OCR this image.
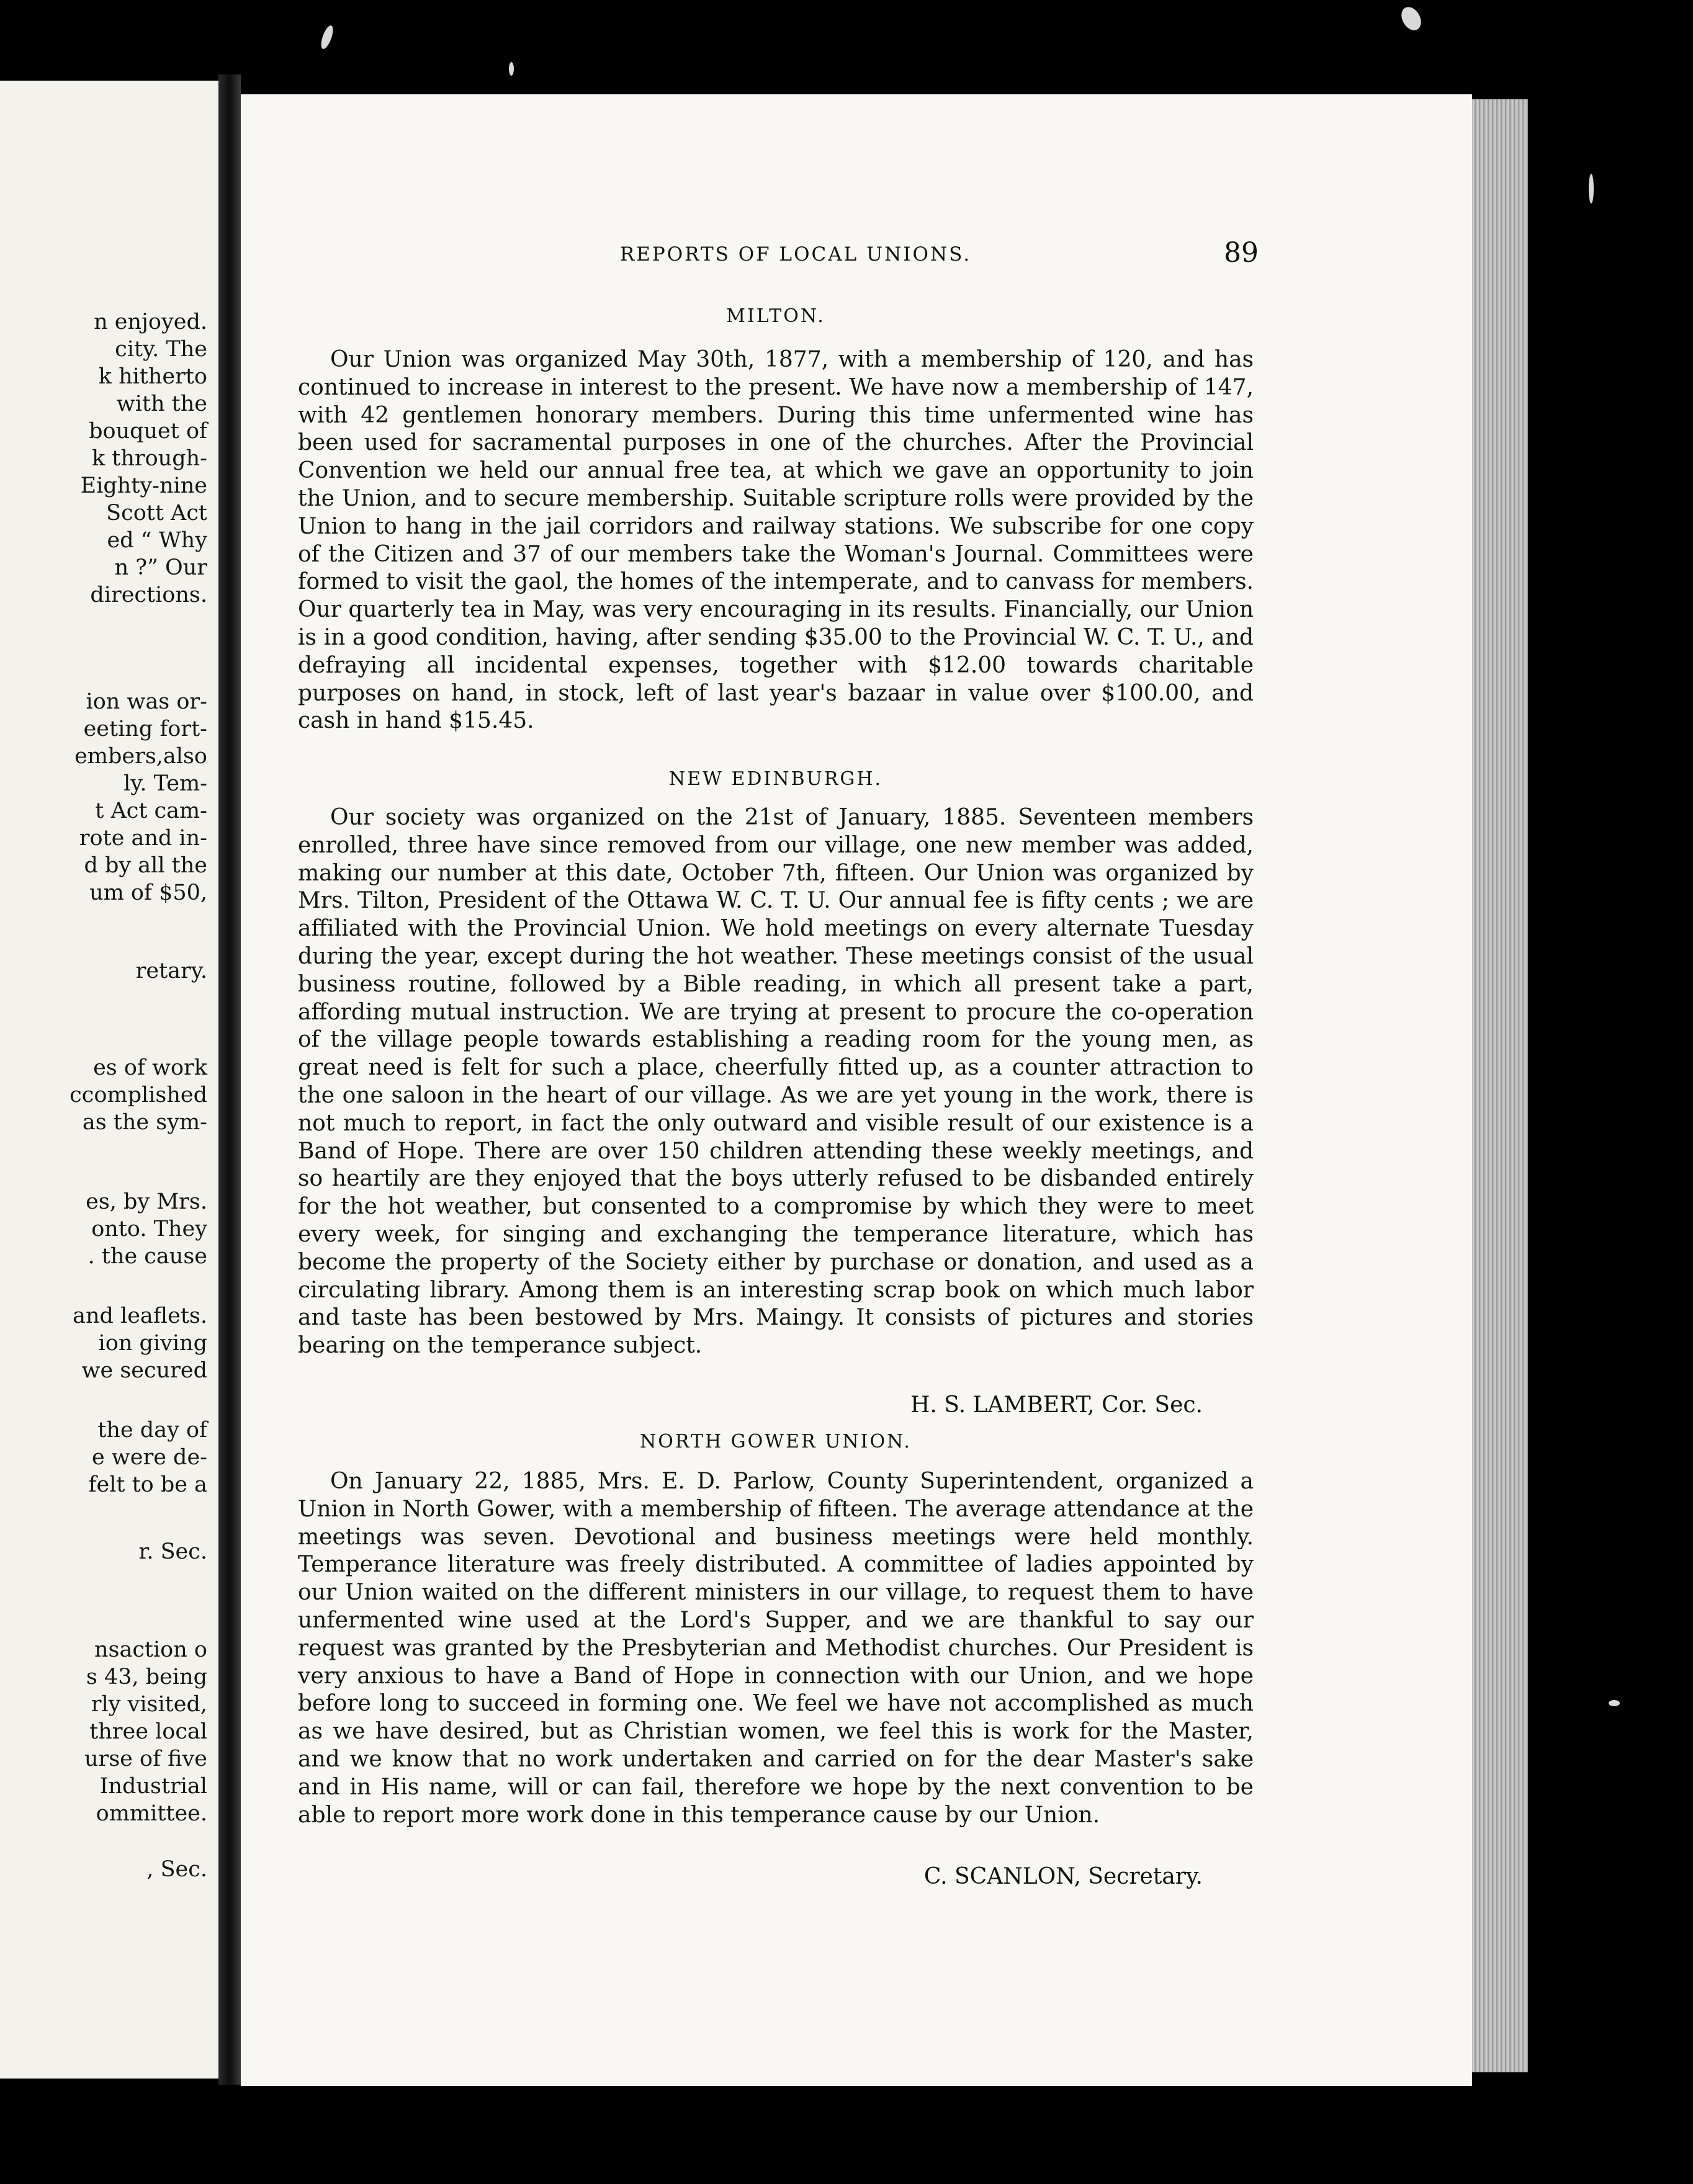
n enjoyed.
city. The
k hitherto
with the
bouquet of
k through-
Eighty-nine
Scott Act
ed “ Why
n ?” Our
directions.
ion was or-
eeting fort-
embers,also
ly. Tem-
t Act cam-
rote and in-
d by all the
um of $50,
retary.
es of work
ccomplished
as the sym-
es, by Mrs.
onto. They
. the cause
and leaflets.
ion giving
we secured
the day of
e were de-
felt to be a
r. Sec.
nsaction o
s 43, being
rly visited,
three local
urse of five
Industrial
ommittee.
, Sec.
REPORTS OF LOCAL UNIONS.	89
MILTON.

Our Union was organized May 30th, 1877, with a membership of 120, and has continued to increase in interest to the present. We have now a membership of 147, with 42 gentlemen honorary members. During this time unfermented wine has been used for sacramental purposes in one of the churches. After the Provincial Convention we held our annual free tea, at which we gave an opportunity to join the Union, and to secure membership. Suitable scripture rolls were provided by the Union to hang in the jail corridors and railway stations. We subscribe for one copy of the Citizen and 37 of our members take the Woman's Journal. Committees were formed to visit the gaol, the homes of the intemperate, and to canvass for members. Our quarterly tea in May, was very encouraging in its results. Financially, our Union is in a good condition, having, after sending $35.00 to the Provincial W. C. T. U., and defraying all incidental expenses, together with $12.00 towards charitable purposes on hand, in stock, left of last year's bazaar in value over $100.00, and cash in hand $15.45.

NEW EDINBURGH.

Our society was organized on the 21st of January, 1885. Seventeen members enrolled, three have since removed from our village, one new member was added, making our number at this date, October 7th, fifteen. Our Union was organized by Mrs. Tilton, President of the Ottawa W. C. T. U. Our annual fee is fifty cents ; we are affiliated with the Provincial Union. We hold meetings on every alternate Tuesday during the year, except during the hot weather. These meetings consist of the usual business routine, followed by a Bible reading, in which all present take a part, affording mutual instruction. We are trying at present to procure the co-operation of the village people towards establishing a reading room for the young men, as great need is felt for such a place, cheerfully fitted up, as a counter attraction to the one saloon in the heart of our village. As we are yet young in the work, there is not much to report, in fact the only outward and visible result of our existence is a Band of Hope. There are over 150 children attending these weekly meetings, and so heartily are they enjoyed that the boys utterly refused to be disbanded entirely for the hot weather, but consented to a compromise by which they were to meet every week, for singing and exchanging the temperance literature, which has become the property of the Society either by purchase or donation, and used as a circulating library. Among them is an interesting scrap book on which much labor and taste has been bestowed by Mrs. Maingy. It consists of pictures and stories bearing on the temperance subject.

H. S. LAMBERT, Cor. Sec.
NORTH GOWER UNION.

On January 22, 1885, Mrs. E. D. Parlow, County Superintendent, organized a Union in North Gower, with a membership of fifteen. The average attendance at the meetings was seven. Devotional and business meetings were held monthly. Temperance literature was freely distributed. A committee of ladies appointed by our Union waited on the different ministers in our village, to request them to have unfermented wine used at the Lord's Supper, and we are thankful to say our request was granted by the Presbyterian and Methodist churches. Our President is very anxious to have a Band of Hope in connection with our Union, and we hope before long to succeed in forming one. We feel we have not accomplished as much as we have desired, but as Christian women, we feel this is work for the Master, and we know that no work undertaken and carried on for the dear Master's sake and in His name, will or can fail, therefore we hope by the next convention to be able to report more work done in this temperance cause by our Union.

C. SCANLON, Secretary.
